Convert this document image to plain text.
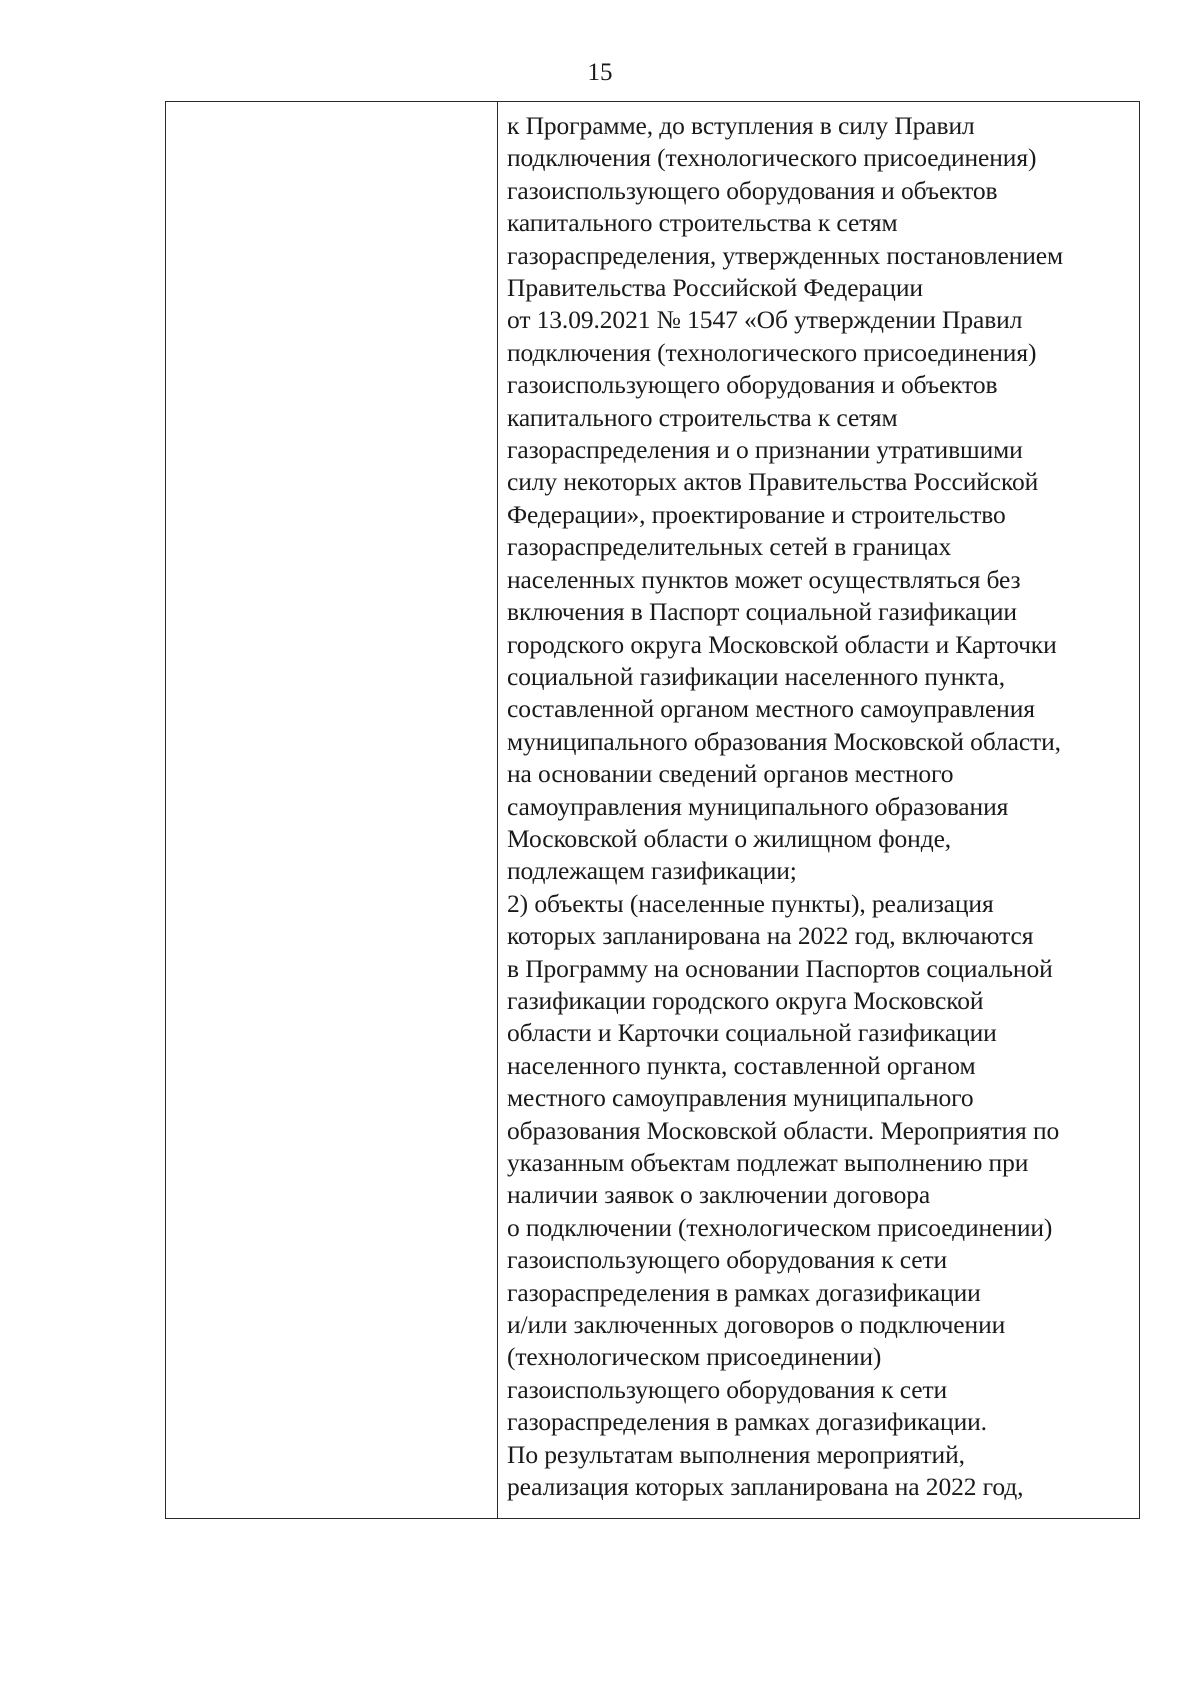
15
к Программе, до вступления в силу Правил
подключения (технологического присоединения)
газоиспользующего оборудования и объектов
капитального строительства к сетям
газораспределения, утвержденных постановлением
Правительства Российской Федерации
от 13.09.2021 № 1547 «Об утверждении Правил
подключения (технологического присоединения)
газоиспользующего оборудования и объектов
капитального строительства к сетям
газораспределения и о признании утратившими
силу некоторых актов Правительства Российской
Федерации», проектирование и строительство
газораспределительных сетей в границах
населенных пунктов может осуществляться без
включения в Паспорт социальной газификации
городского округа Московской области и Карточки
социальной газификации населенного пункта,
составленной органом местного самоуправления
муниципального образования Московской области,
на основании сведений органов местного
самоуправления муниципального образования
Московской области о жилищном фонде,
подлежащем газификации;
2) объекты (населенные пункты), реализация
которых запланирована на 2022 год, включаются
в Программу на основании Паспортов социальной
газификации городского округа Московской
области и Карточки социальной газификации
населенного пункта, составленной органом
местного самоуправления муниципального
образования Московской области. Мероприятия по
указанным объектам подлежат выполнению при
наличии заявок о заключении договора
о подключении (технологическом присоединении)
газоиспользующего оборудования к сети
газораспределения в рамках догазификации
и/или заключенных договоров о подключении
(технологическом присоединении)
газоиспользующего оборудования к сети
газораспределения в рамках догазификации.
По результатам выполнения мероприятий,
реализация которых запланирована на 2022 год,
